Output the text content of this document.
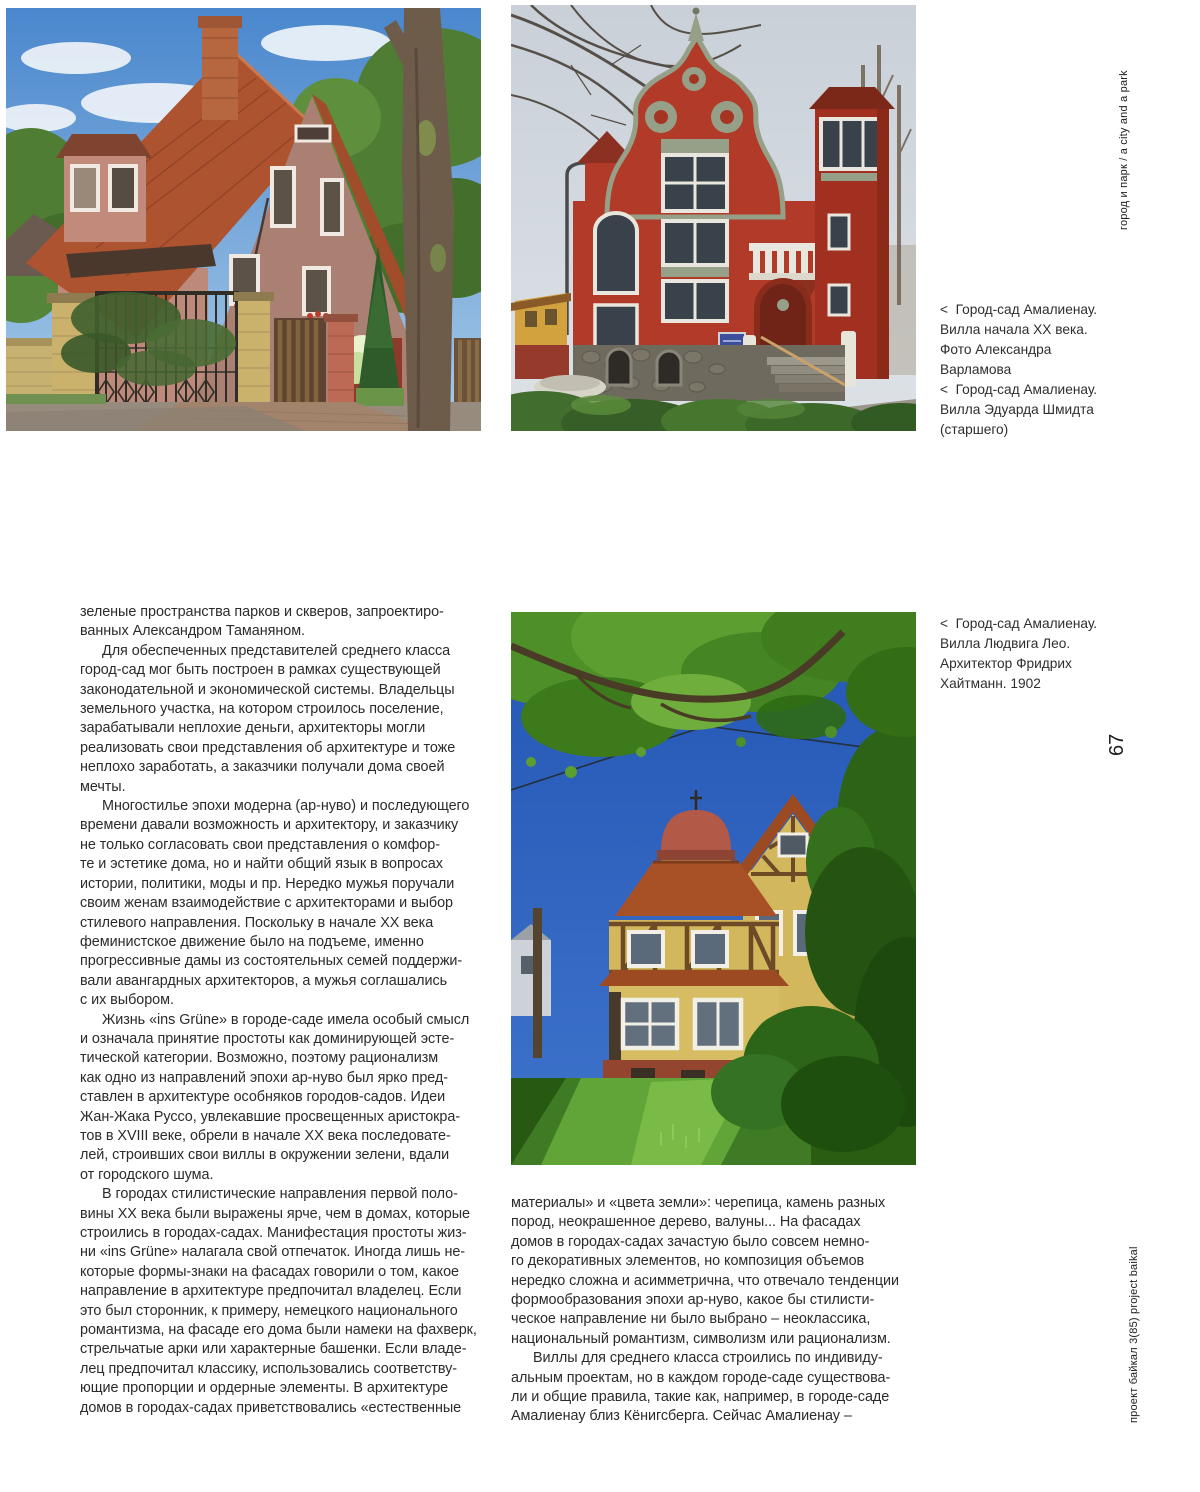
<  Город-сад Амалиенау.
Вилла начала XX века.
Фото Александра
Варламова
<  Город-сад Амалиенау.
Вилла Эдуарда Шмидта
(старшего)
<  Город-сад Амалиенау.
Вилла Людвига Лео.
Архитектор Фридрих
Хайтманн. 1902

зеленые пространства парков и скверов, запроектиро-
ванных Александром Таманяном.

Для обеспеченных представителей среднего класса
город-сад мог быть построен в рамках существующей
законодательной и экономической системы. Владельцы
земельного участка, на котором строилось поселение,
зарабатывали неплохие деньги, архитекторы могли
реализовать свои представления об архитектуре и тоже
неплохо заработать, а заказчики получали дома своей
мечты.

Многостилье эпохи модерна (ар-нуво) и последующего
времени давали возможность и архитектору, и заказчику
не только согласовать свои представления о комфор-
те и эстетике дома, но и найти общий язык в вопросах
истории, политики, моды и пр. Нередко мужья поручали
своим женам взаимодействие с архитекторами и выбор
стилевого направления. Поскольку в начале XX века
феминистское движение было на подъеме, именно
прогрессивные дамы из состоятельных семей поддержи-
вали авангардных архитекторов, а мужья соглашались
с их выбором.

Жизнь «ins Grüne» в городе-саде имела особый смысл
и означала принятие простоты как доминирующей эсте-
тической категории. Возможно, поэтому рационализм
как одно из направлений эпохи ар-нуво был ярко пред-
ставлен в архитектуре особняков городов-садов. Идеи
Жан-Жака Руссо, увлекавшие просвещенных аристокра-
тов в XVIII веке, обрели в начале XX века последовате-
лей, строивших свои виллы в окружении зелени, вдали
от городского шума.

В городах стилистические направления первой поло-
вины XX века были выражены ярче, чем в домах, которые
строились в городах-садах. Манифестация простоты жиз-
ни «ins Grüne» налагала свой отпечаток. Иногда лишь не-
которые формы-знаки на фасадах говорили о том, какое
направление в архитектуре предпочитал владелец. Если
это был сторонник, к примеру, немецкого национального
романтизма, на фасаде его дома были намеки на фахверк,
стрельчатые арки или характерные башенки. Если владе-
лец предпочитал классику, использовались соответству-
ющие пропорции и ордерные элементы. В архитектуре
домов в городах-садах приветствовались «естественные

материалы» и «цвета земли»: черепица, камень разных
пород, неокрашенное дерево, валуны... На фасадах
домов в городах-садах зачастую было совсем немно-
го декоративных элементов, но композиция объемов
нередко сложна и асимметрична, что отвечало тенденции
формообразования эпохи ар-нуво, какое бы стилисти-
ческое направление ни было выбрано – неоклассика,
национальный романтизм, символизм или рационализм.

Виллы для среднего класса строились по индивиду-
альным проектам, но в каждом городе-саде существова-
ли и общие правила, такие как, например, в городе-саде
Амалиенау близ Кёнигсберга. Сейчас Амалиенау –

город и парк / a city and a park
67
проект байкал 3(85) project baikal
